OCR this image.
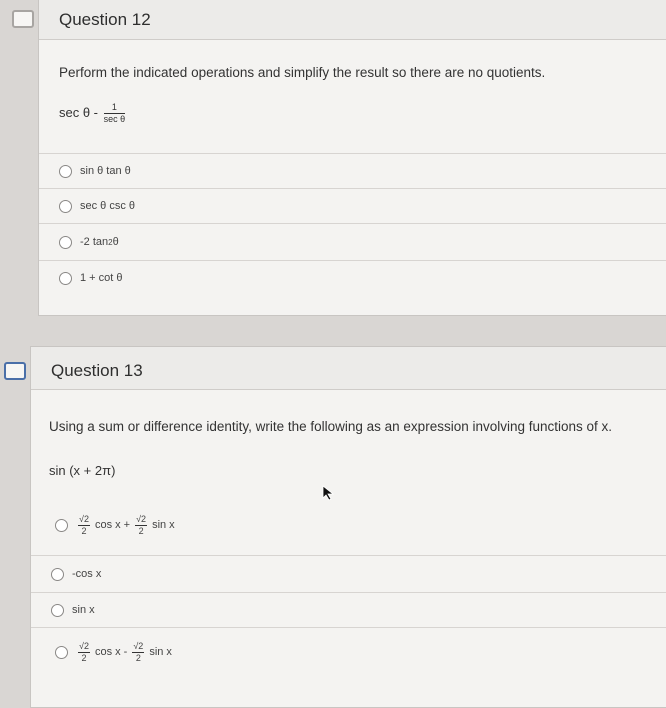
Question 12
Perform the indicated operations and simplify the result so there are no quotients.
sec θ - $\frac{1}{\text{sec θ}}$
sin θ tan θ
sec θ csc θ
-2 tan 2 θ
1 + cot θ
Question 13
Using a sum or difference identity, write the following as an expression involving functions of x.
sin (x + 2π)
$\frac{√2}{2}$ $\cos x + \frac{√2}{2}$ sin x
-cos x
sin x
$\frac{√2}{2}$ cos x - $\frac{√2}{2}$ sin x
